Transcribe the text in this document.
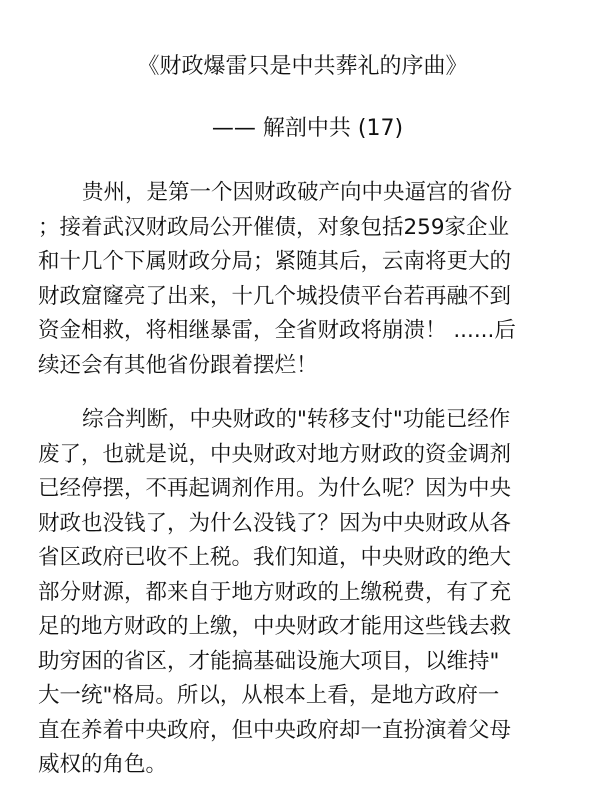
《财政爆雷只是中共葬礼的序曲》
—— 解剖中共 (17)
贵州，是第一个因财政破产向中央逼宫的省份
；接着武汉财政局公开催债，对象包括259家企业
和十几个下属财政分局；紧随其后，云南将更大的
财政窟窿亮了出来，十几个城投债平台若再融不到
资金相救，将相继暴雷，全省财政将崩溃！ ......后
续还会有其他省份跟着摆烂！
综合判断，中央财政的"转移支付"功能已经作
废了，也就是说，中央财政对地方财政的资金调剂
已经停摆，不再起调剂作用。为什么呢？因为中央
财政也没钱了，为什么没钱了？因为中央财政从各
省区政府已收不上税。我们知道，中央财政的绝大
部分财源，都来自于地方财政的上缴税费，有了充
足的地方财政的上缴，中央财政才能用这些钱去救
助穷困的省区，才能搞基础设施大项目，以维持"
大一统"格局。所以，从根本上看，是地方政府一
直在养着中央政府，但中央政府却一直扮演着父母
威权的角色。
